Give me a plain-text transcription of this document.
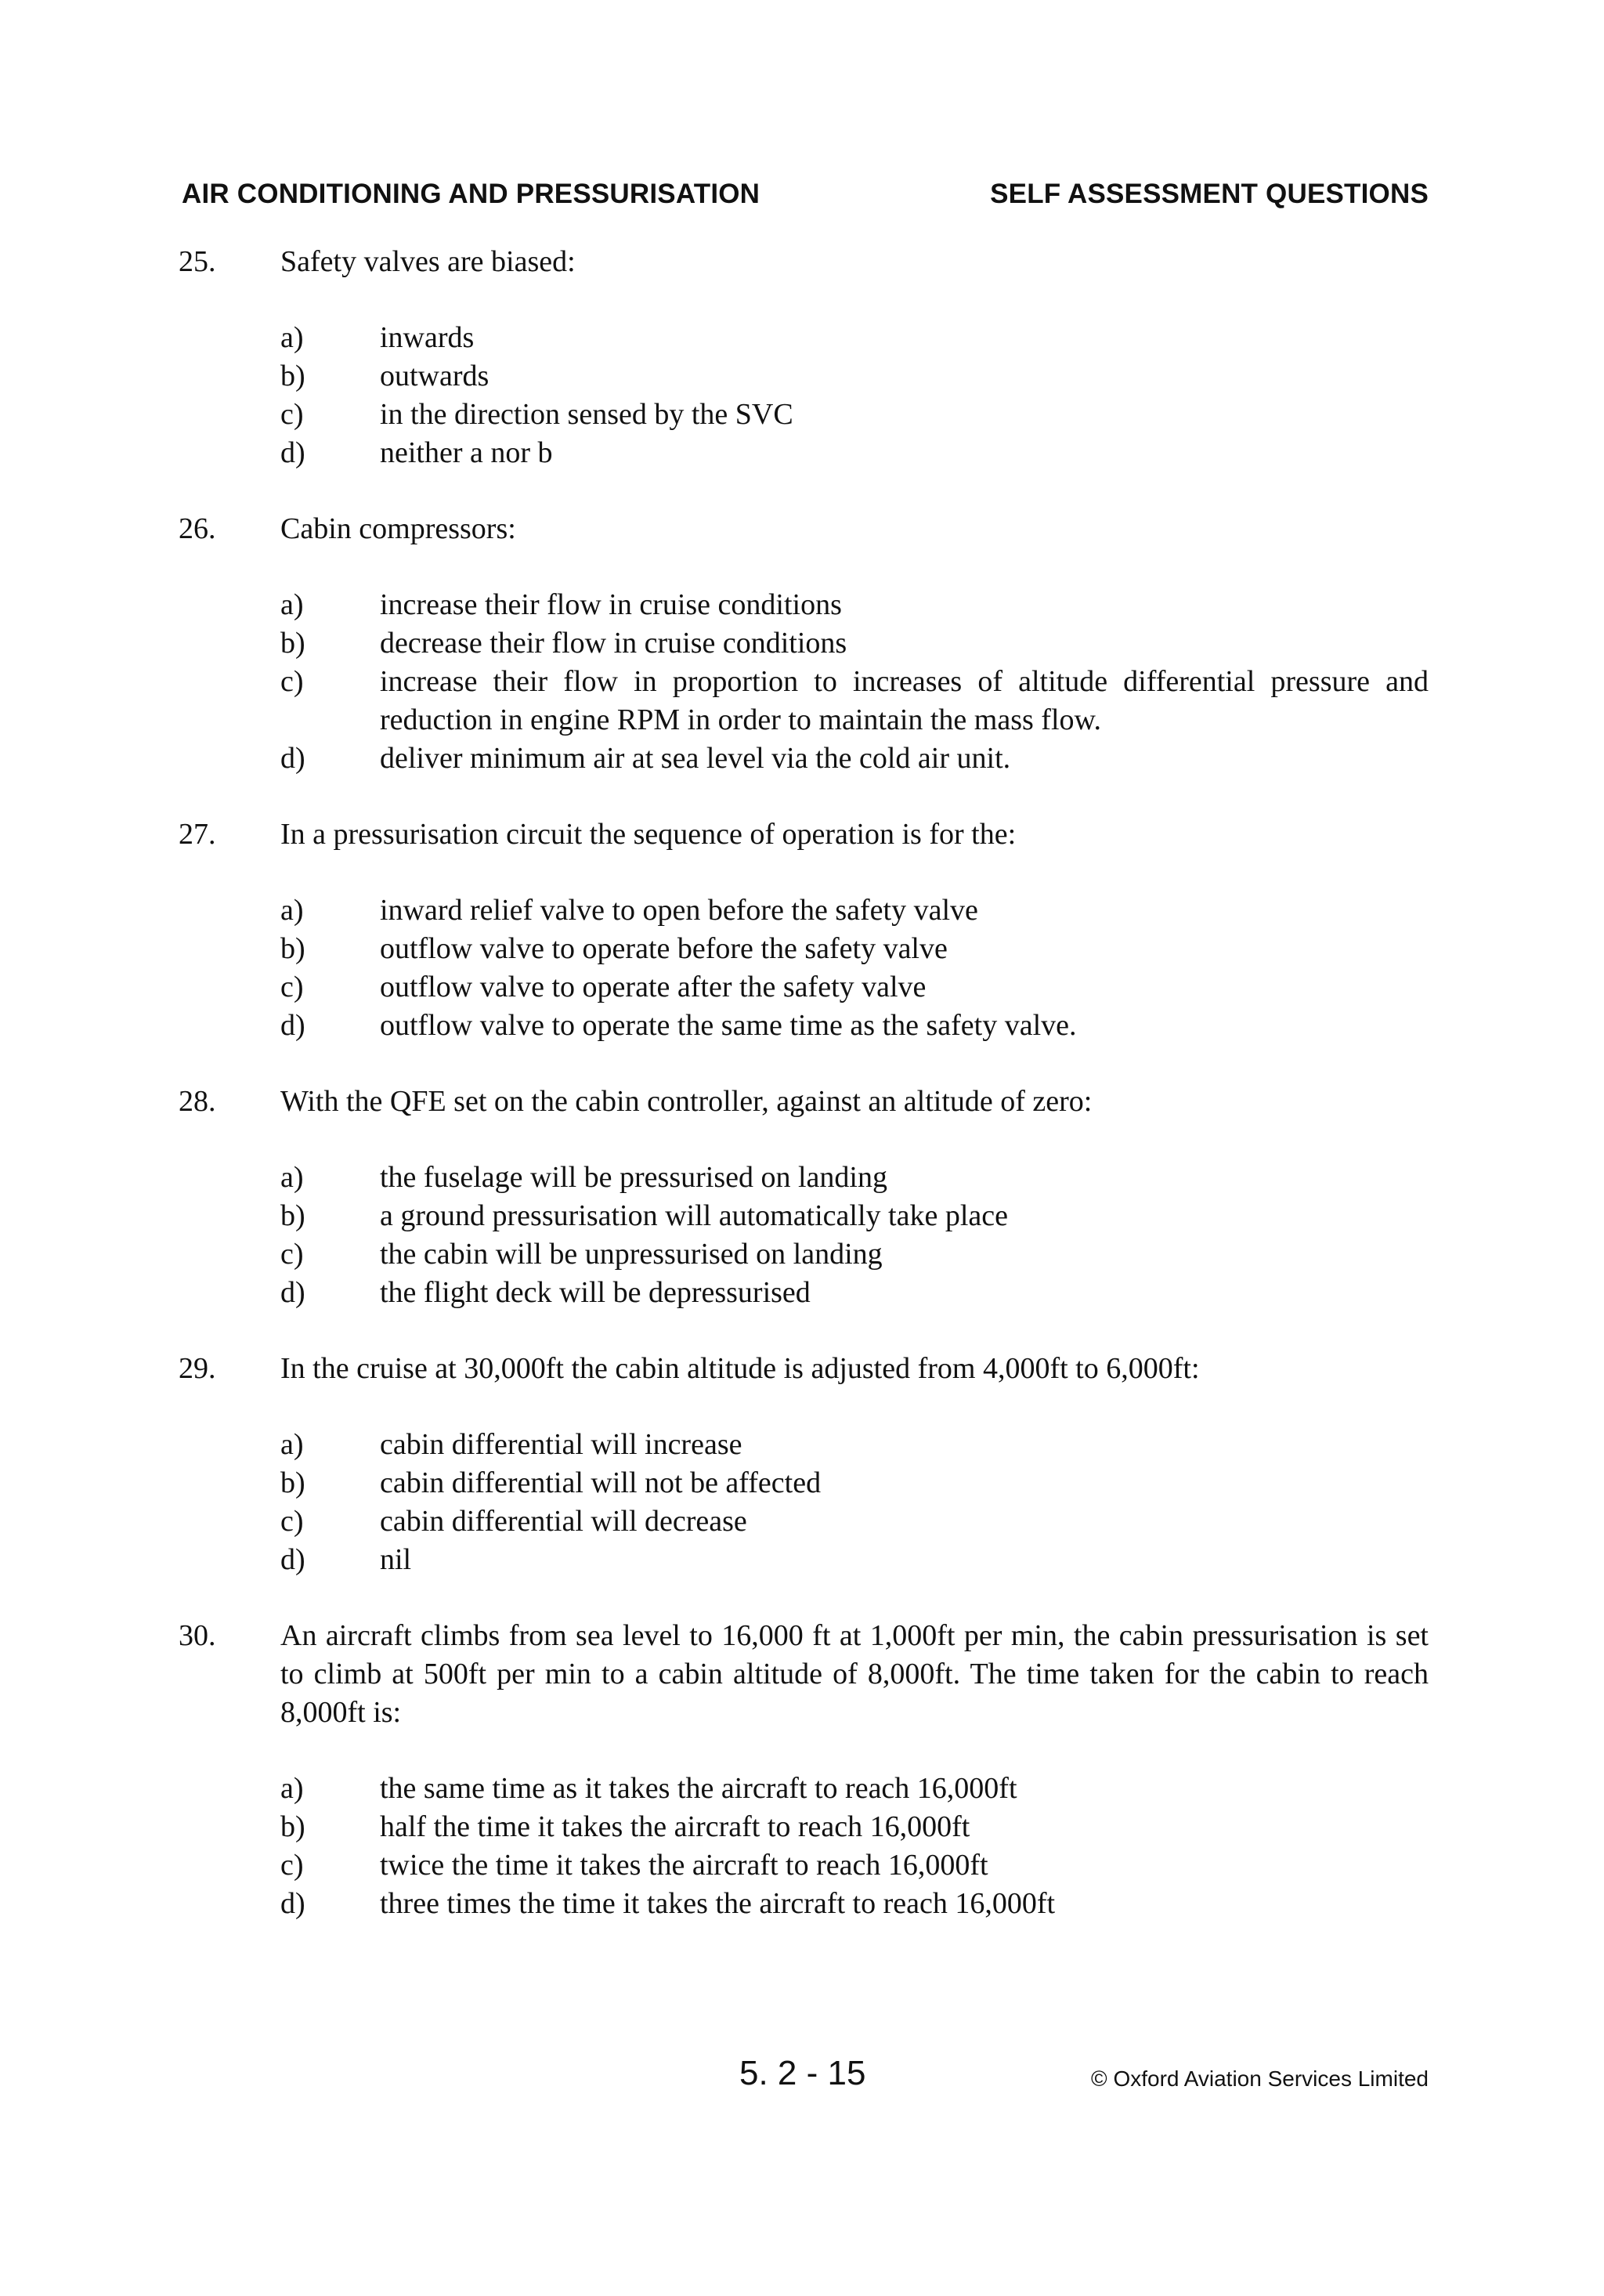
AIR CONDITIONING AND PRESSURISATION	SELF ASSESSMENT QUESTIONS
25.	Safety valves are biased:
a)	inwards
b)	outwards
c)	in the direction sensed by the SVC
d)	neither a nor b
26.	Cabin compressors:
a)	increase their flow in cruise conditions
b)	decrease their flow in cruise conditions
c)	increase their flow in proportion to increases of altitude differential pressure and reduction in engine RPM in order to maintain the mass flow.
d)	deliver minimum air at sea level via the cold air unit.
27.	In a pressurisation circuit the sequence of operation is for the:
a)	inward relief valve to open before the safety valve
b)	outflow valve to operate before the safety valve
c)	outflow valve to operate after the safety valve
d)	outflow valve to operate the same time as the safety valve.
28.	With the QFE set on the cabin controller, against an altitude of zero:
a)	the fuselage will be pressurised on landing
b)	a ground pressurisation will automatically take place
c)	the cabin will be unpressurised on landing
d)	the flight deck will be depressurised
29.	In the cruise at 30,000ft the cabin altitude is adjusted from 4,000ft to 6,000ft:
a)	cabin differential will increase
b)	cabin differential will not be affected
c)	cabin differential will decrease
d)	nil
30.	An aircraft climbs from sea level to 16,000 ft at 1,000ft per min, the cabin pressurisation is set to climb at 500ft per min to a cabin altitude of 8,000ft. The time taken for the cabin to reach 8,000ft is:
a)	the same time as it takes the aircraft to reach 16,000ft
b)	half the time it takes the aircraft to reach 16,000ft
c)	twice the time it takes the aircraft to reach 16,000ft
d)	three times the time it takes the aircraft to reach 16,000ft
5. 2 - 15	© Oxford Aviation Services Limited
